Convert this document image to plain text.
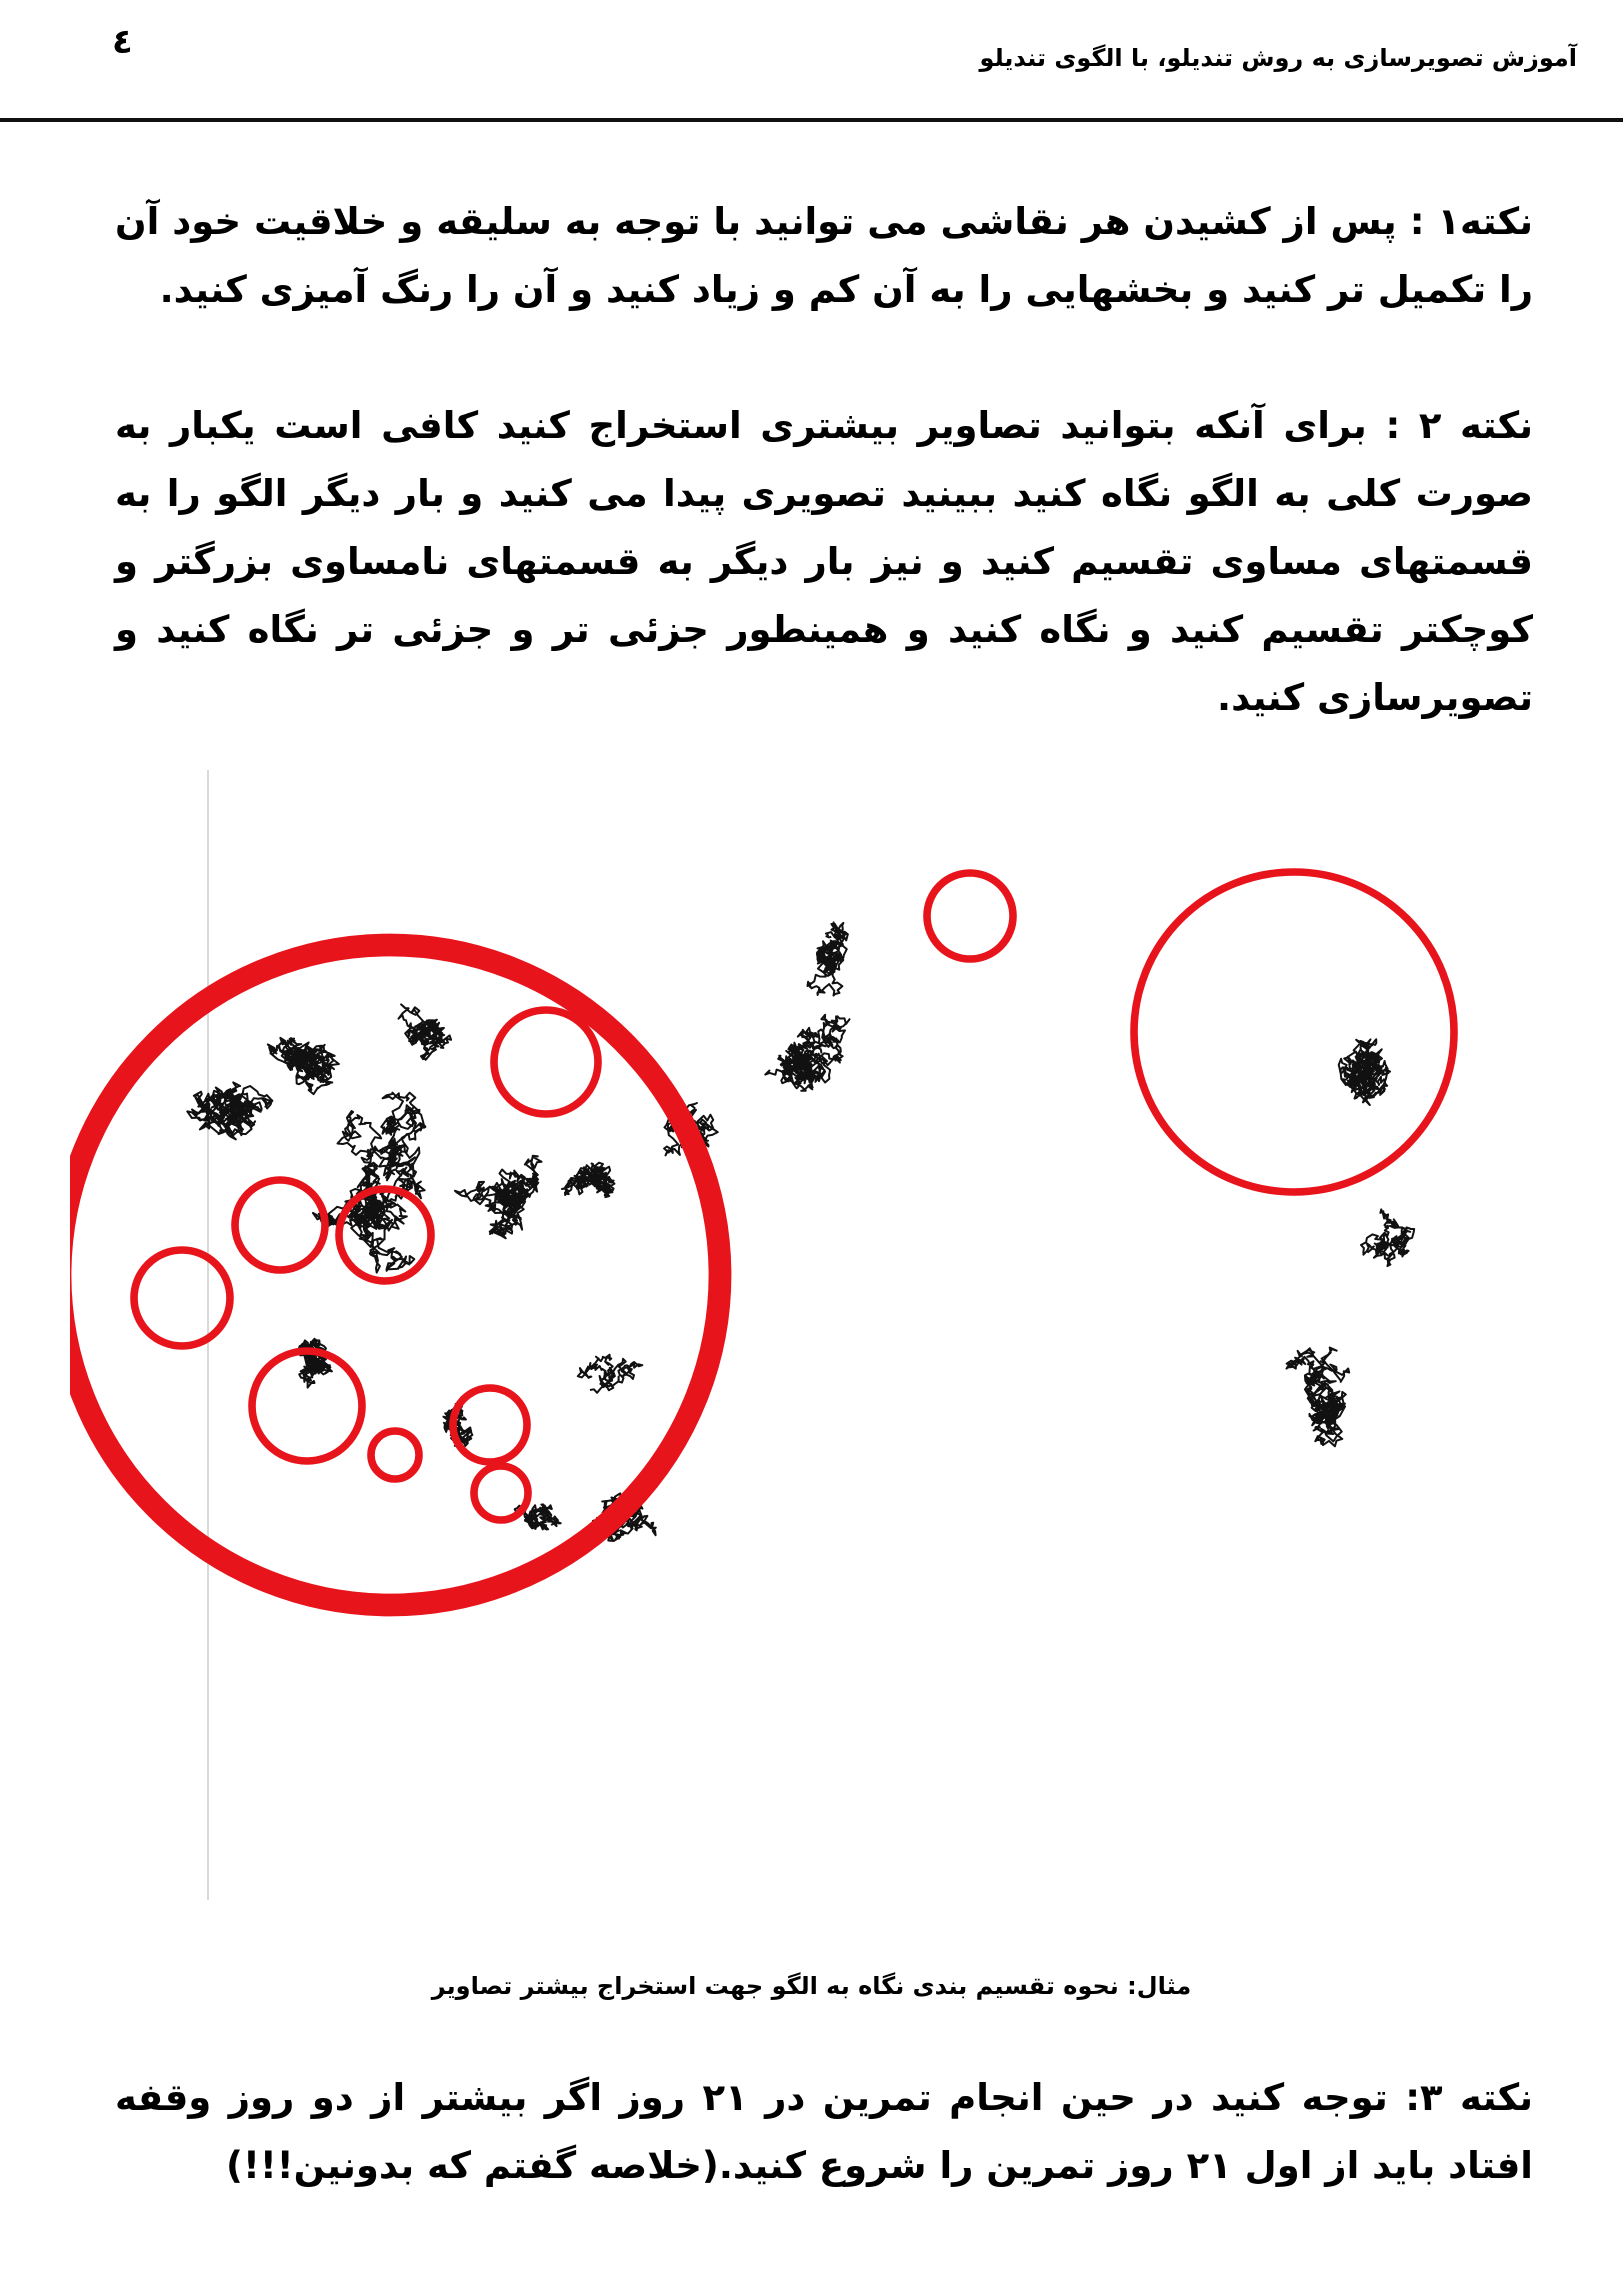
٤	آموزش تصویرسازی به روش تندیلو، با الگوی تندیلو
نکته۱ : پس از کشیدن هر نقاشی می توانید با توجه به سلیقه و خلاقیت خود آن را تکمیل تر کنید و بخشهایی را به آن کم و زیاد کنید و آن را رنگ آمیزی کنید.
نکته ۲ : برای آنکه بتوانید تصاویر بیشتری استخراج کنید کافی است یکبار به صورت کلی به الگو نگاه کنید ببینید تصویری پیدا می کنید و بار دیگر الگو را به قسمتهای مساوی تقسیم کنید و نیز بار دیگر به قسمتهای نامساوی بزرگتر و کوچکتر تقسیم کنید و نگاه کنید و همینطور جزئی تر و جزئی تر نگاه کنید و تصویرسازی کنید.
مثال: نحوه تقسیم بندی نگاه به الگو جهت استخراج بیشتر تصاویر
نکته ۳: توجه کنید در حین انجام تمرین در ۲۱ روز اگر بیشتر از دو روز وقفه افتاد باید از اول ۲۱ روز تمرین را شروع کنید.(خلاصه گفتم که بدونین!!!)
